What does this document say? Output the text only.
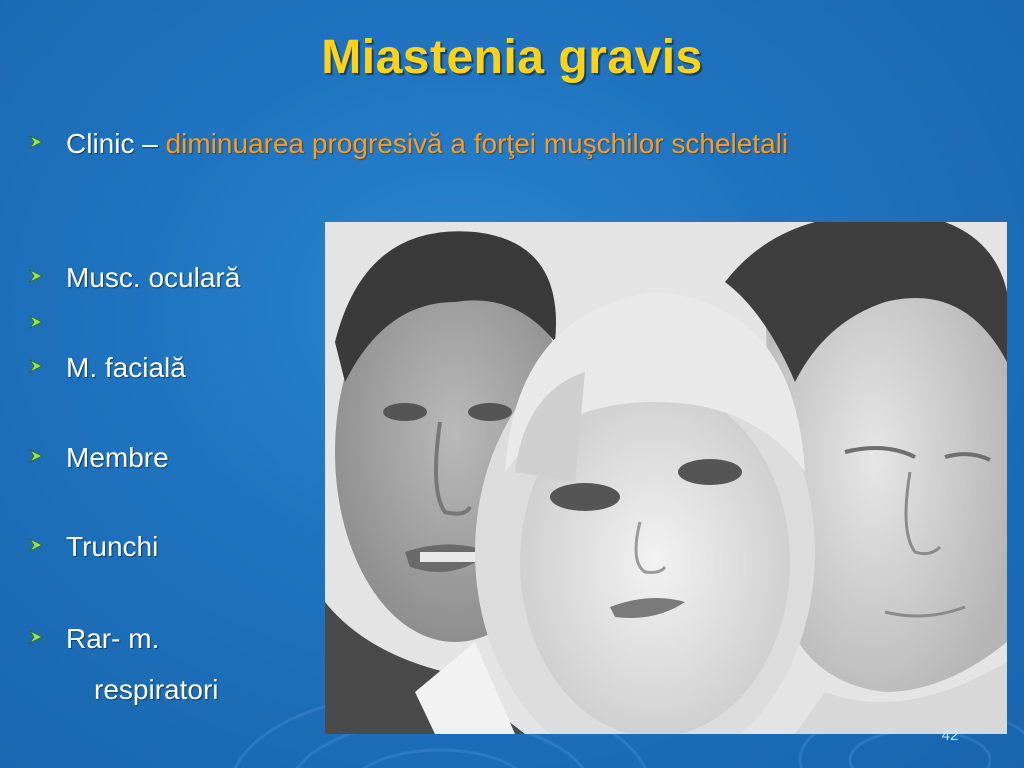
Miastenia gravis
Clinic – diminuarea progresivă a forţei muşchilor scheletali
Musc. oculară
M. facială
Membre
Trunchi
Rar- m.
respiratori
42
